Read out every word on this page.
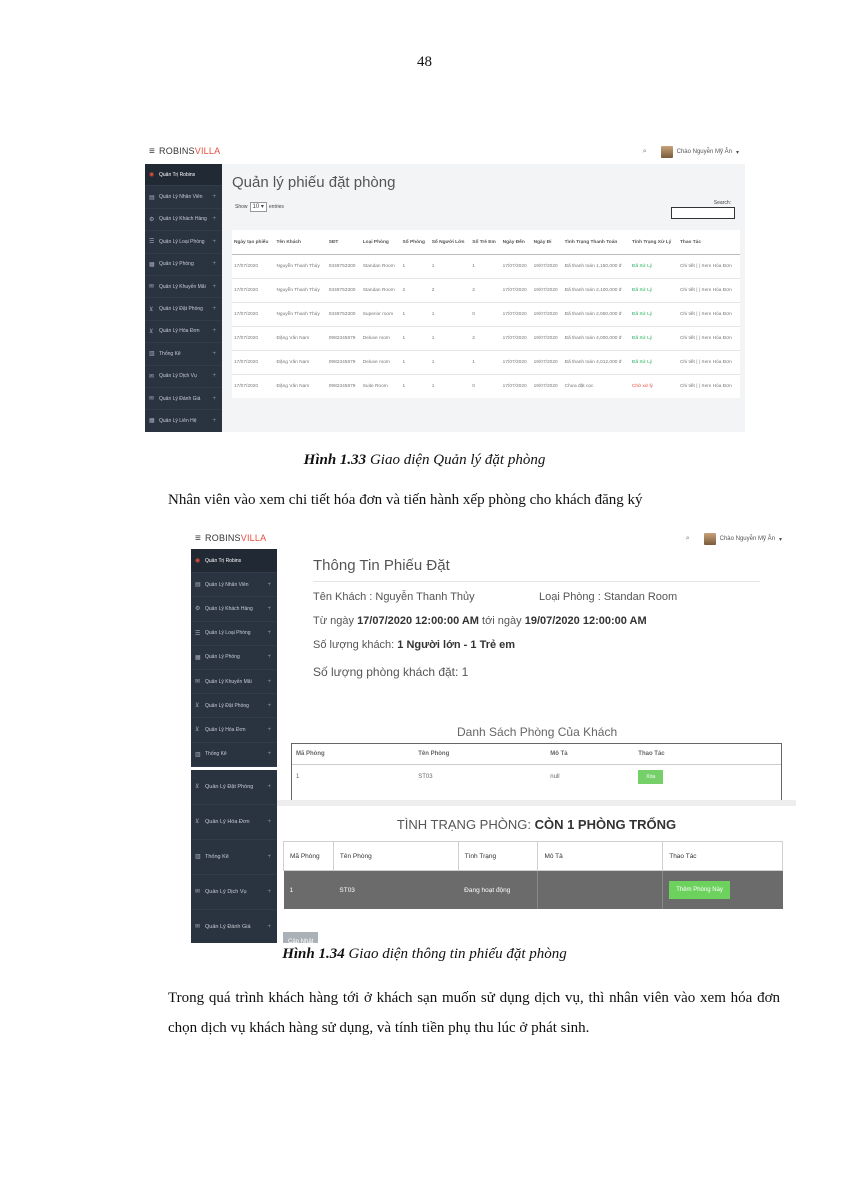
48
≡ ROBINSVILLA	⌕	Chào Nguyễn Mỹ Ân ▾
◉ Quản Trị Robins
▤ Quản Lý Nhân Viên +
⚙ Quản Lý Khách Hàng +
☰ Quản Lý Loại Phòng +
▦ Quản Lý Phòng	+
✉ Quản Lý Khuyến Mãi +
⊻	Quản Lý Đặt Phòng +
⊻	Quản Lý Hóa Đơn +
▥ Thống Kê	+
✉ Quản Lý Dịch Vụ	+
✉ Quản Lý Đánh Giá +
▦ Quản Lý Liên Hệ	+
Quản lý phiếu đặt phòng
Show 10 ▾	entries
Search:
Ngày tạo phiếu	Tên Khách	SĐT	Loại Phòng	Số Phòng	Số Người Lớn	Số Trẻ Em	Ngày Đến	Ngày Đi	Tình Trạng Thanh Toán	Tình Trạng Xử Lý	Thao Tác
17/07/2020	Nguyễn Thanh Thủy	0348753300	Standan Room	1	1	1	17/07/2020	19/07/2020	Đã thanh toán 1,150,000 đ	Đã Xử Lý	Chi tiết | | Xem Hóa Đơn
17/07/2020	Nguyễn Thanh Thủy	0348753300	Standan Room	2	2	2	17/07/2020	19/07/2020	Đã thanh toán 2,100,000 đ	Đã Xử Lý	Chi tiết | | Xem Hóa Đơn
17/07/2020	Nguyễn Thanh Thủy	0348753300	Superior room	1	1	0	17/07/2020	19/07/2020	Đã thanh toán 2,550,000 đ	Đã Xử Lý	Chi tiết | | Xem Hóa Đơn
17/07/2020	Đặng Văn Nam	0982345879	Deluxe room	1	1	2	17/07/2020	19/07/2020	Đã thanh toán 4,000,000 đ	Đã Xử Lý	Chi tiết | | Xem Hóa Đơn
17/07/2020	Đặng Văn Nam	0982345879	Deluxe room	1	1	1	17/07/2020	19/07/2020	Đã thanh toán 4,012,000 đ	Đã Xử Lý	Chi tiết | | Xem Hóa Đơn
17/07/2020	Đặng Văn Nam	0982345879	Suite Room	1	1	0	17/07/2020	19/07/2020	Chưa đặt cọc	Chờ xử lý	Chi tiết | | Xem Hóa Đơn
Hình 1.33 Giao diện Quản lý đặt phòng
Nhân viên vào xem chi tiết hóa đơn và tiến hành xếp phòng cho khách đăng ký
≡ ROBINSVILLA	⌕	Chào Nguyễn Mỹ Ân ▾
◉ Quản Trị Robins
▤ Quản Lý Nhân Viên	+
⚙ Quản Lý Khách Hàng +
☰ Quản Lý Loại Phòng	+
▦ Quản Lý Phòng	+
✉ Quản Lý Khuyến Mãi	+
⊻	Quản Lý Đặt Phòng	+
⊻	Quản Lý Hóa Đơn	+
▥ Thống Kê	+
⊻	Quản Lý Đặt Phòng +
⊻	Quản Lý Hóa Đơn	+
▥ Thống Kê	+
✉ Quản Lý Dịch Vụ	+
✉ Quản Lý Đánh Giá	+
Thông Tin Phiếu Đặt
Tên Khách : Nguyễn Thanh Thủy	Loại Phòng : Standan Room
Từ ngày 17/07/2020 12:00:00 AM tới ngày 19/07/2020 12:00:00 AM
Số lượng khách: 1 Người lớn - 1 Trẻ em
Số lượng phòng khách đặt: 1
Danh Sách Phòng Của Khách
Mã Phòng	Tên Phòng	Mô Tả	Thao Tác
1	ST03	null	Xóa
TÌNH TRẠNG PHÒNG: CÒN 1 PHÒNG TRỐNG
Mã Phòng	Tên Phòng	Tình Trạng	Mô Tả	Thao Tác
1	ST03	Đang hoạt động		Thêm Phòng Này
Cập Nhật
Hình 1.34 Giao diện thông tin phiếu đặt phòng
Trong quá trình khách hàng tới ở khách sạn muốn sử dụng dịch vụ, thì nhân viên vào xem hóa đơn chọn dịch vụ khách hàng sử dụng, và tính tiền phụ thu lúc ở phát sinh.
